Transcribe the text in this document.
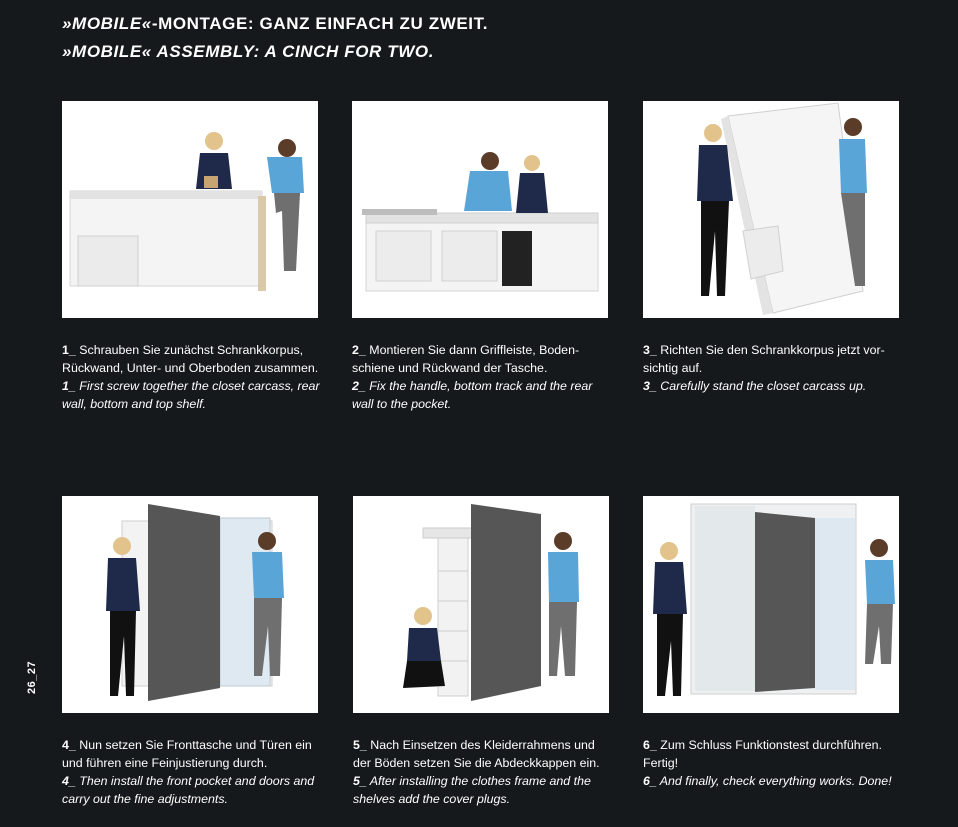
»MOBILE«-MONTAGE: GANZ EINFACH ZU ZWEIT.
»MOBILE« ASSEMBLY: A CINCH FOR TWO.

1_ Schrauben Sie zunächst Schrankkorpus, Rückwand, Unter- und Oberboden zusammen.

1_ First screw together the closet carcass, rear wall, bottom and top shelf.

2_ Montieren Sie dann Griffleiste, Boden-schiene und Rückwand der Tasche.

2_ Fix the handle, bottom track and the rear wall to the pocket.

3_ Richten Sie den Schrankkorpus jetzt vor-sichtig auf.

3_ Carefully stand the closet carcass up.

4_ Nun setzen Sie Fronttasche und Türen ein und führen eine Feinjustierung durch.

4_ Then install the front pocket and doors and carry out the fine adjustments.

5_ Nach Einsetzen des Kleiderrahmens und der Böden setzen Sie die Abdeckkappen ein.

5_ After installing the clothes frame and the shelves add the cover plugs.

6_ Zum Schluss Funktionstest durchführen. Fertig!

6_ And finally, check everything works. Done!

26_27
